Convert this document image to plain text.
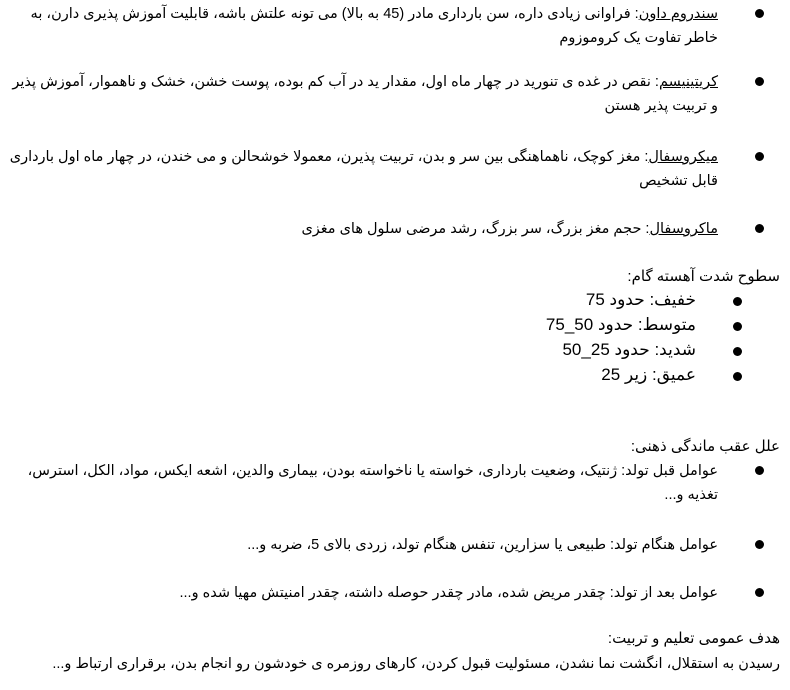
سندروم داون: فراوانی زیادی داره، سن بارداری مادر (45 به بالا) می تونه علتش باشه، قابلیت آموزش پذیری دارن، به خاطر تفاوت یک کروموزوم
کریتینیسم: نقص در غده ی تنورید در چهار ماه اول، مقدار ید در آب کم بوده، پوست خشن، خشک و ناهموار، آموزش پذیر و تربیت پذیر هستن
میکروسفال: مغز کوچک، ناهماهنگی بین سر و بدن، تربیت پذیرن، معمولا خوشحالن و می خندن، در چهار ماه اول بارداری قابل تشخیص
ماکروسفال: حجم مغز بزرگ، سر بزرگ، رشد مرضی سلول های مغزی
سطوح شدت آهسته گام:
خفیف: حدود 75
متوسط: حدود 50_75
شدید: حدود 25_50
عمیق: زیر 25
علل عقب ماندگی ذهنی:
عوامل قبل تولد: ژنتیک، وضعیت بارداری، خواسته یا ناخواسته بودن، بیماری والدین، اشعه ایکس، مواد، الکل، استرس، تغذیه و...
عوامل هنگام تولد: طبیعی یا سزارین، تنفس هنگام تولد، زردی بالای 5، ضربه و...
عوامل بعد از تولد: چقدر مریض شده، مادر چقدر حوصله داشته، چقدر امنیتش مهیا شده و...
هدف عمومی تعلیم و تربیت:
رسیدن به استقلال، انگشت نما نشدن، مسئولیت قبول کردن، کارهای روزمره ی خودشون رو انجام بدن، برقراری ارتباط و...
